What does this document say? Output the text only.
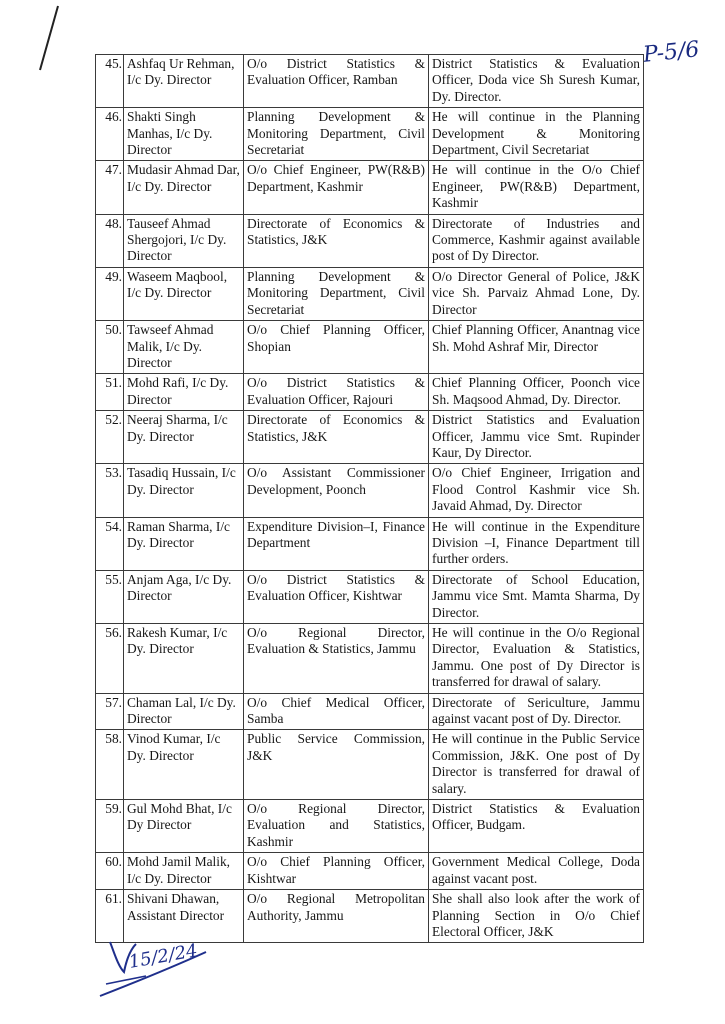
P-5/6
45.	Ashfaq Ur Rehman, I/c Dy. Director	O/o District Statistics & Evaluation Officer, Ramban	District Statistics & Evaluation Officer, Doda vice Sh Suresh Kumar, Dy. Director.
46.	Shakti Singh Manhas, I/c Dy. Director	Planning Development & Monitoring Department, Civil Secretariat	He will continue in the Planning Development & Monitoring Department, Civil Secretariat
47.	Mudasir Ahmad Dar, I/c Dy. Director	O/o Chief Engineer, PW(R&B) Department, Kashmir	He will continue in the O/o Chief Engineer, PW(R&B) Department, Kashmir
48.	Tauseef Ahmad Shergojori, I/c Dy. Director	Directorate of Economics & Statistics, J&K	Directorate of Industries and Commerce, Kashmir against available post of Dy Director.
49.	Waseem Maqbool, I/c Dy. Director	Planning Development & Monitoring Department, Civil Secretariat	O/o Director General of Police, J&K vice Sh. Parvaiz Ahmad Lone, Dy. Director
50.	Tawseef Ahmad Malik, I/c Dy. Director	O/o Chief Planning Officer, Shopian	Chief Planning Officer, Anantnag vice Sh. Mohd Ashraf Mir, Director
51.	Mohd Rafi, I/c Dy. Director	O/o District Statistics & Evaluation Officer, Rajouri	Chief Planning Officer, Poonch vice Sh. Maqsood Ahmad, Dy. Director.
52.	Neeraj Sharma, I/c Dy. Director	Directorate of Economics & Statistics, J&K	District Statistics and Evaluation Officer, Jammu vice Smt. Rupinder Kaur, Dy Director.
53.	Tasadiq Hussain, I/c Dy. Director	O/o Assistant Commissioner Development, Poonch	O/o Chief Engineer, Irrigation and Flood Control Kashmir vice Sh. Javaid Ahmad, Dy. Director
54.	Raman Sharma, I/c Dy. Director	Expenditure Division–I, Finance Department	He will continue in the Expenditure Division –I, Finance Department till further orders.
55.	Anjam Aga, I/c Dy. Director	O/o District Statistics & Evaluation Officer, Kishtwar	Directorate of School Education, Jammu vice Smt. Mamta Sharma, Dy Director.
56.	Rakesh Kumar, I/c Dy. Director	O/o Regional Director, Evaluation & Statistics, Jammu	He will continue in the O/o Regional Director, Evaluation & Statistics, Jammu. One post of Dy Director is transferred for drawal of salary.
57.	Chaman Lal, I/c Dy. Director	O/o Chief Medical Officer, Samba	Directorate of Sericulture, Jammu against vacant post of Dy. Director.
58.	Vinod Kumar, I/c Dy. Director	Public Service Commission, J&K	He will continue in the Public Service Commission, J&K. One post of Dy Director is transferred for drawal of salary.
59.	Gul Mohd Bhat, I/c Dy Director	O/o Regional Director, Evaluation and Statistics, Kashmir	District Statistics & Evaluation Officer, Budgam.
60.	Mohd Jamil Malik, I/c Dy. Director	O/o Chief Planning Officer, Kishtwar	Government Medical College, Doda against vacant post.
61.	Shivani Dhawan, Assistant Director	O/o Regional Metropolitan Authority, Jammu	She shall also look after the work of Planning Section in O/o Chief Electoral Officer, J&K
15/2/24
